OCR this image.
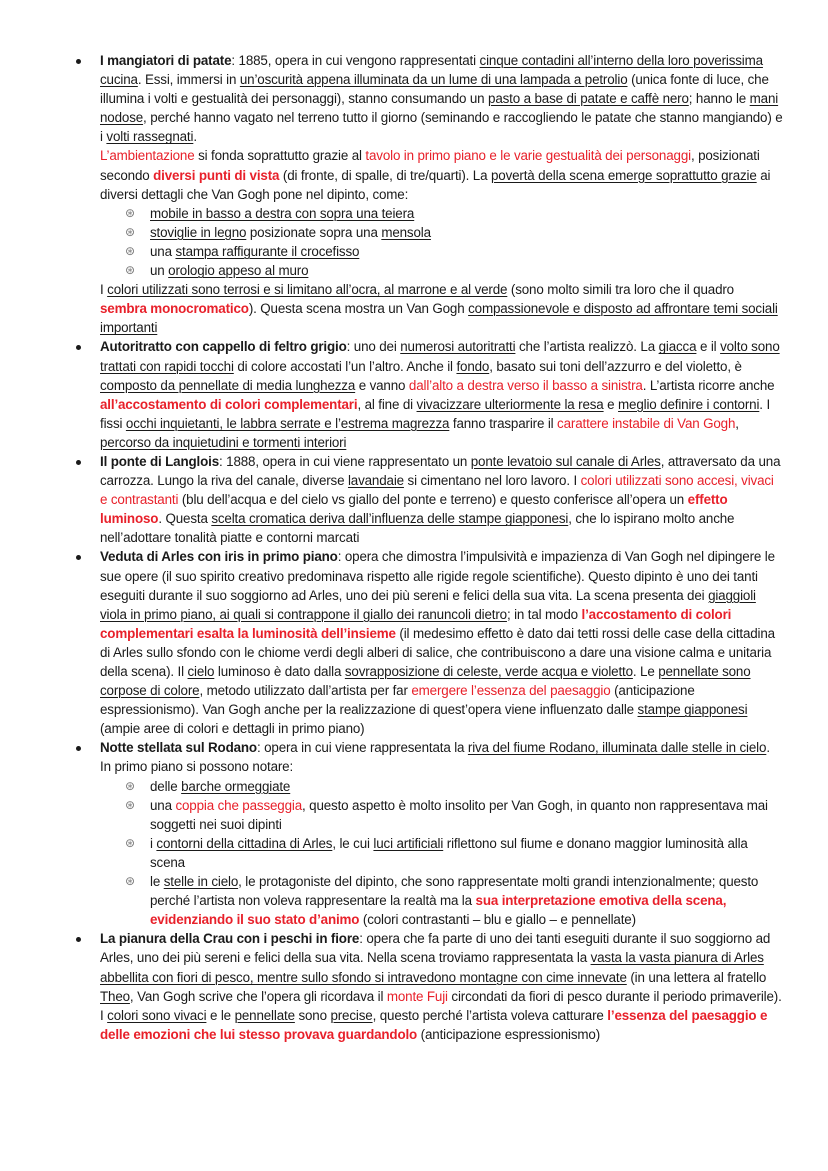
I mangiatori di patate: 1885, opera in cui vengono rappresentati cinque contadini all’interno della loro poverissima cucina. Essi, immersi in un’oscurità appena illuminata da un lume di una lampada a petrolio (unica fonte di luce, che illumina i volti e gestualità dei personaggi), stanno consumando un pasto a base di patate e caffè nero; hanno le mani nodose, perché hanno vagato nel terreno tutto il giorno (seminando e raccogliendo le patate che stanno mangiando) e i volti rassegnati.
L’ambientazione si fonda soprattutto grazie al tavolo in primo piano e le varie gestualità dei personaggi, posizionati secondo diversi punti di vista (di fronte, di spalle, di tre/quarti). La povertà della scena emerge soprattutto grazie ai diversi dettagli che Van Gogh pone nel dipinto, come:
⊛ mobile in basso a destra con sopra una teiera
⊛ stoviglie in legno posizionate sopra una mensola
⊛ una stampa raffigurante il crocefisso
⊛ un orologio appeso al muro
I colori utilizzati sono terrosi e si limitano all’ocra, al marrone e al verde (sono molto simili tra loro che il quadro sembra monocromatico). Questa scena mostra un Van Gogh compassionevole e disposto ad affrontare temi sociali importanti
Autoritratto con cappello di feltro grigio: uno dei numerosi autoritratti che l’artista realizzò. La giacca e il volto sono trattati con rapidi tocchi di colore accostati l’un l’altro. Anche il fondo, basato sui toni dell’azzurro e del violetto, è composto da pennellate di media lunghezza e vanno dall’alto a destra verso il basso a sinistra. L’artista ricorre anche all’accostamento di colori complementari, al fine di vivacizzare ulteriormente la resa e meglio definire i contorni. I fissi occhi inquietanti, le labbra serrate e l’estrema magrezza fanno trasparire il carattere instabile di Van Gogh, percorso da inquietudini e tormenti interiori
Il ponte di Langlois: 1888, opera in cui viene rappresentato un ponte levatoio sul canale di Arles, attraversato da una carrozza. Lungo la riva del canale, diverse lavandaie si cimentano nel loro lavoro. I colori utilizzati sono accesi, vivaci e contrastanti (blu dell’acqua e del cielo vs giallo del ponte e terreno) e questo conferisce all’opera un effetto luminoso. Questa scelta cromatica deriva dall’influenza delle stampe giapponesi, che lo ispirano molto anche nell’adottare tonalità piatte e contorni marcati
Veduta di Arles con iris in primo piano: opera che dimostra l’impulsività e impazienza di Van Gogh nel dipingere le sue opere (il suo spirito creativo predominava rispetto alle rigide regole scientifiche). Questo dipinto è uno dei tanti eseguiti durante il suo soggiorno ad Arles, uno dei più sereni e felici della sua vita. La scena presenta dei giaggioli viola in primo piano, ai quali si contrappone il giallo dei ranuncoli dietro; in tal modo l’accostamento di colori complementari esalta la luminosità dell’insieme (il medesimo effetto è dato dai tetti rossi delle case della cittadina di Arles sullo sfondo con le chiome verdi degli alberi di salice, che contribuiscono a dare una visione calma e unitaria della scena). Il cielo luminoso è dato dalla sovrapposizione di celeste, verde acqua e violetto. Le pennellate sono corpose di colore, metodo utilizzato dall’artista per far emergere l’essenza del paesaggio (anticipazione espressionismo). Van Gogh anche per la realizzazione di quest’opera viene influenzato dalle stampe giapponesi (ampie aree di colori e dettagli in primo piano)
Notte stellata sul Rodano: opera in cui viene rappresentata la riva del fiume Rodano, illuminata dalle stelle in cielo. In primo piano si possono notare:
⊛ delle barche ormeggiate
⊛ una coppia che passeggia, questo aspetto è molto insolito per Van Gogh, in quanto non rappresentava mai soggetti nei suoi dipinti
⊛ i contorni della cittadina di Arles, le cui luci artificiali riflettono sul fiume e donano maggior luminosità alla scena
⊛ le stelle in cielo, le protagoniste del dipinto, che sono rappresentate molti grandi intenzionalmente; questo perché l’artista non voleva rappresentare la realtà ma la sua interpretazione emotiva della scena, evidenziando il suo stato d’animo (colori contrastanti – blu e giallo – e pennellate)
La pianura della Crau con i peschi in fiore: opera che fa parte di uno dei tanti eseguiti durante il suo soggiorno ad Arles, uno dei più sereni e felici della sua vita. Nella scena troviamo rappresentata la vasta la vasta pianura di Arles abbellita con fiori di pesco, mentre sullo sfondo si intravedono montagne con cime innevate (in una lettera al fratello Theo, Van Gogh scrive che l’opera gli ricordava il monte Fuji circondati da fiori di pesco durante il periodo primaverile). I colori sono vivaci e le pennellate sono precise, questo perché l’artista voleva catturare l’essenza del paesaggio e delle emozioni che lui stesso provava guardandolo (anticipazione espressionismo)
